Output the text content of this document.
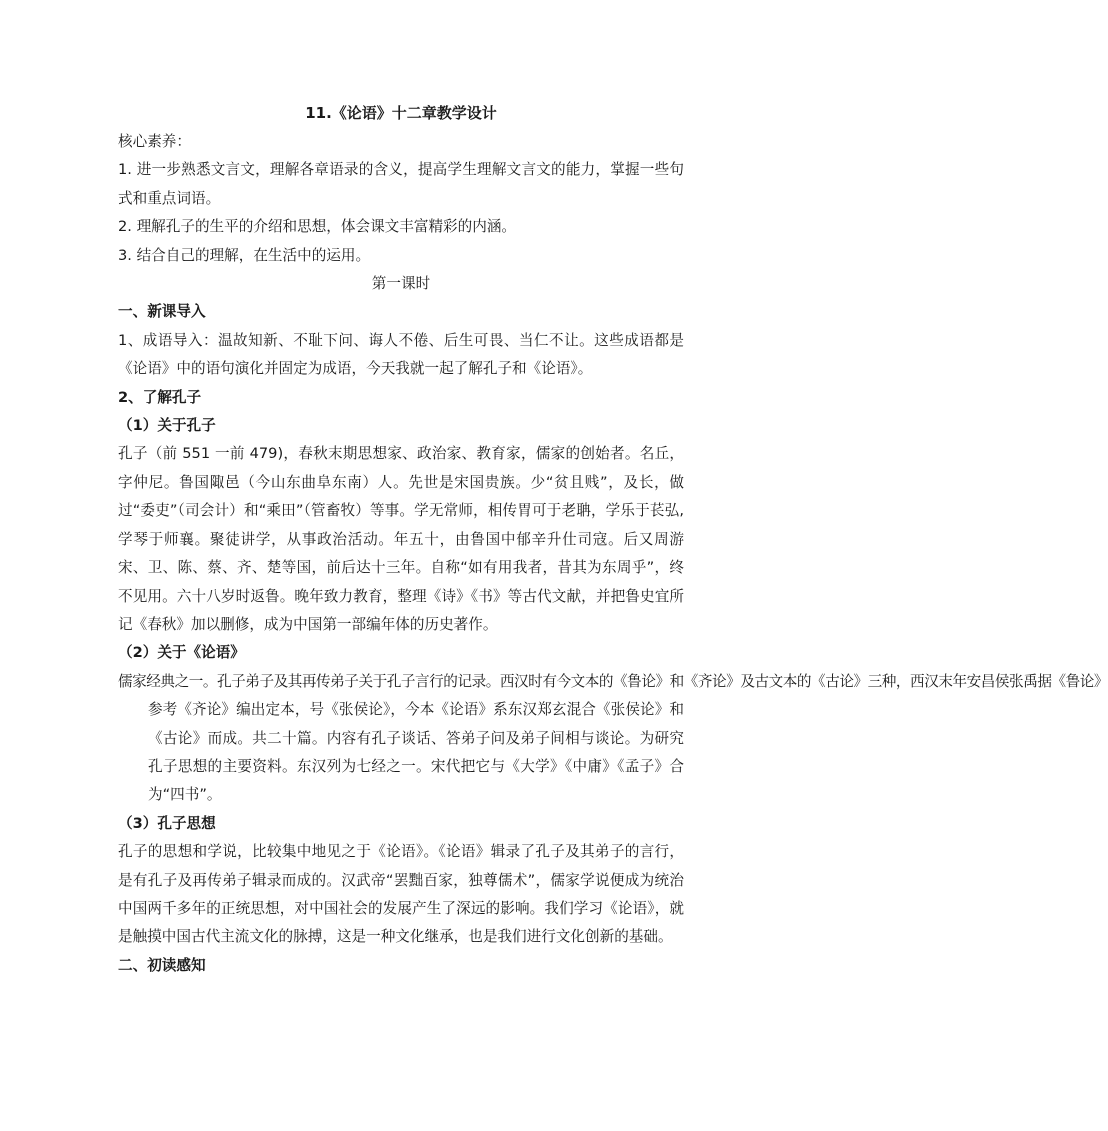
11.《论语》十二章教学设计

核心素养：

1. 进一步熟悉文言文，理解各章语录的含义，提高学生理解文言文的能力，掌握一些句式和重点词语。

2. 理解孔子的生平的介绍和思想，体会课文丰富精彩的内涵。

3. 结合自己的理解，在生活中的运用。

第一课时

一、新课导入

1、成语导入：温故知新、不耻下问、诲人不倦、后生可畏、当仁不让。这些成语都是《论语》中的语句演化并固定为成语，今天我就一起了解孔子和《论语》。

2、了解孔子

（1）关于孔子

孔子（前 551 一前 479)，春秋末期思想家、政治家、教育家，儒家的创始者。名丘，字仲尼。鲁国陬邑（今山东曲阜东南）人。先世是宋国贵族。少“贫且贱”，及长，做过“委吏”（司会计）和“乘田”（管畜牧）等事。学无常师，相传胃可于老聃，学乐于苌弘,学琴于师襄。聚徒讲学，从事政治活动。年五十，由鲁国中郁辛升仕司寇。后又周游宋、卫、陈、蔡、齐、楚等国，前后达十三年。自称“如有用我者，昔其为东周乎”，终不见用。六十八岁时返鲁。晚年致力教育，整理《诗》《书》等古代文献，并把鲁史宜所记《春秋》加以删修，成为中国第一部编年体的历史著作。

（2）关于《论语》

儒家经典之一。孔子弟子及其再传弟子关于孔子言行的记录。西汉时有今文本的《鲁论》和《齐论》及古文本的《古论》三种，西汉末年安昌侯张禹据《鲁论》

参考《齐论》编出定本，号《张侯论》，今本《论语》系东汉郑玄混合《张侯论》和《古论》而成。共二十篇。内容有孔子谈话、答弟子问及弟子间相与谈论。为研究孔子思想的主要资料。东汉列为七经之一。宋代把它与《大学》《中庸》《孟子》合为“四书”。

（3）孔子思想

孔子的思想和学说，比较集中地见之于《论语》。《论语》辑录了孔子及其弟子的言行，是有孔子及再传弟子辑录而成的。汉武帝“罢黜百家，独尊儒术”，儒家学说便成为统治中国两千多年的正统思想，对中国社会的发展产生了深远的影响。我们学习《论语》，就是触摸中国古代主流文化的脉搏，这是一种文化继承，也是我们进行文化创新的基础。

二、初读感知
